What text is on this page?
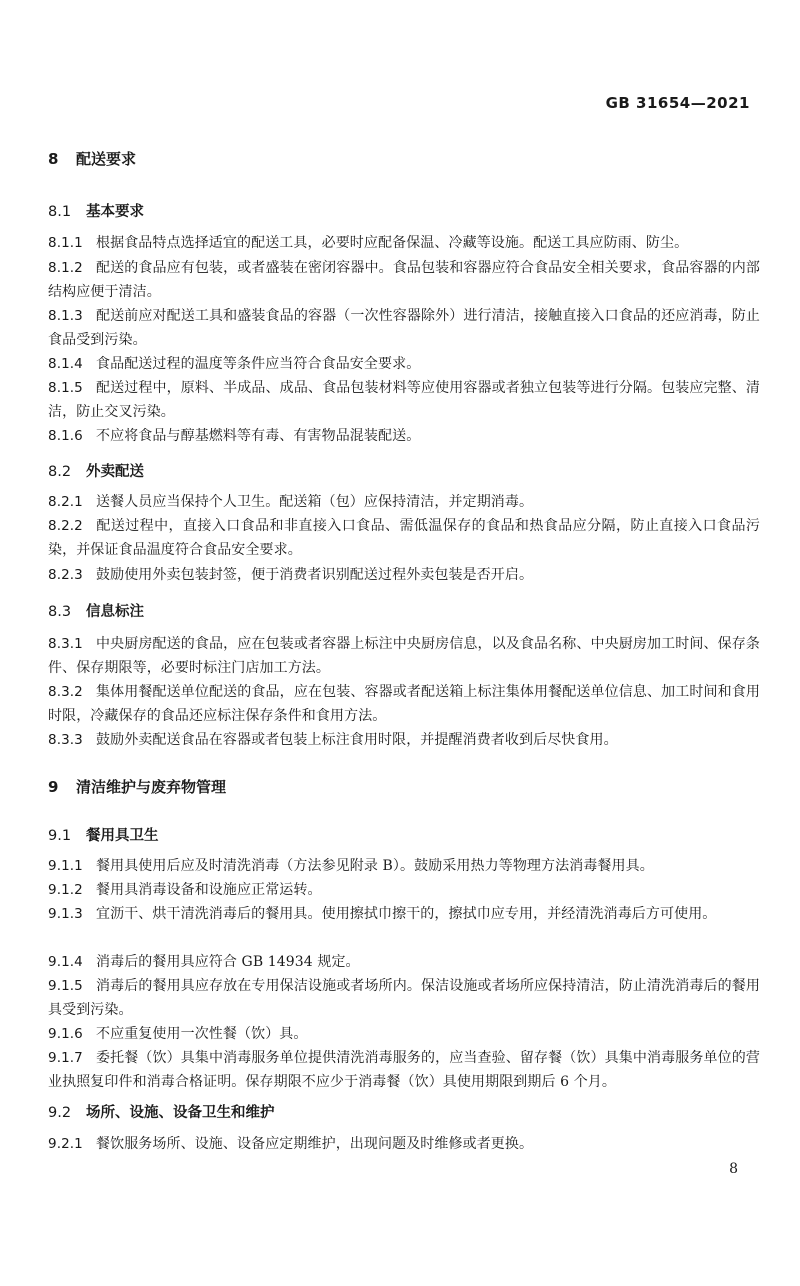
GB 31654—2021
8 配送要求
8.1 基本要求
8.1.1 根据食品特点选择适宜的配送工具，必要时应配备保温、冷藏等设施。配送工具应防雨、防尘。
8.1.2 配送的食品应有包装，或者盛装在密闭容器中。食品包装和容器应符合食品安全相关要求，食品容器的内部结构应便于清洁。
8.1.3 配送前应对配送工具和盛装食品的容器（一次性容器除外）进行清洁，接触直接入口食品的还应消毒，防止食品受到污染。
8.1.4 食品配送过程的温度等条件应当符合食品安全要求。
8.1.5 配送过程中，原料、半成品、成品、食品包装材料等应使用容器或者独立包装等进行分隔。包装应完整、清洁，防止交叉污染。
8.1.6 不应将食品与醇基燃料等有毒、有害物品混装配送。
8.2 外卖配送
8.2.1 送餐人员应当保持个人卫生。配送箱（包）应保持清洁，并定期消毒。
8.2.2 配送过程中，直接入口食品和非直接入口食品、需低温保存的食品和热食品应分隔，防止直接入口食品污染，并保证食品温度符合食品安全要求。
8.2.3 鼓励使用外卖包装封签，便于消费者识别配送过程外卖包装是否开启。
8.3 信息标注
8.3.1 中央厨房配送的食品，应在包装或者容器上标注中央厨房信息，以及食品名称、中央厨房加工时间、保存条件、保存期限等，必要时标注门店加工方法。
8.3.2 集体用餐配送单位配送的食品，应在包装、容器或者配送箱上标注集体用餐配送单位信息、加工时间和食用时限，冷藏保存的食品还应标注保存条件和食用方法。
8.3.3 鼓励外卖配送食品在容器或者包装上标注食用时限，并提醒消费者收到后尽快食用。
9 清洁维护与废弃物管理
9.1 餐用具卫生
9.1.1 餐用具使用后应及时清洗消毒（方法参见附录 B）。鼓励采用热力等物理方法消毒餐用具。
9.1.2 餐用具消毒设备和设施应正常运转。
9.1.3 宜沥干、烘干清洗消毒后的餐用具。使用擦拭巾擦干的，擦拭巾应专用，并经清洗消毒后方可使用。
9.1.4 消毒后的餐用具应符合 GB 14934 规定。
9.1.5 消毒后的餐用具应存放在专用保洁设施或者场所内。保洁设施或者场所应保持清洁，防止清洗消毒后的餐用具受到污染。
9.1.6 不应重复使用一次性餐（饮）具。
9.1.7 委托餐（饮）具集中消毒服务单位提供清洗消毒服务的，应当查验、留存餐（饮）具集中消毒服务单位的营业执照复印件和消毒合格证明。保存期限不应少于消毒餐（饮）具使用期限到期后 6 个月。
9.2 场所、设施、设备卫生和维护
9.2.1 餐饮服务场所、设施、设备应定期维护，出现问题及时维修或者更换。
8
